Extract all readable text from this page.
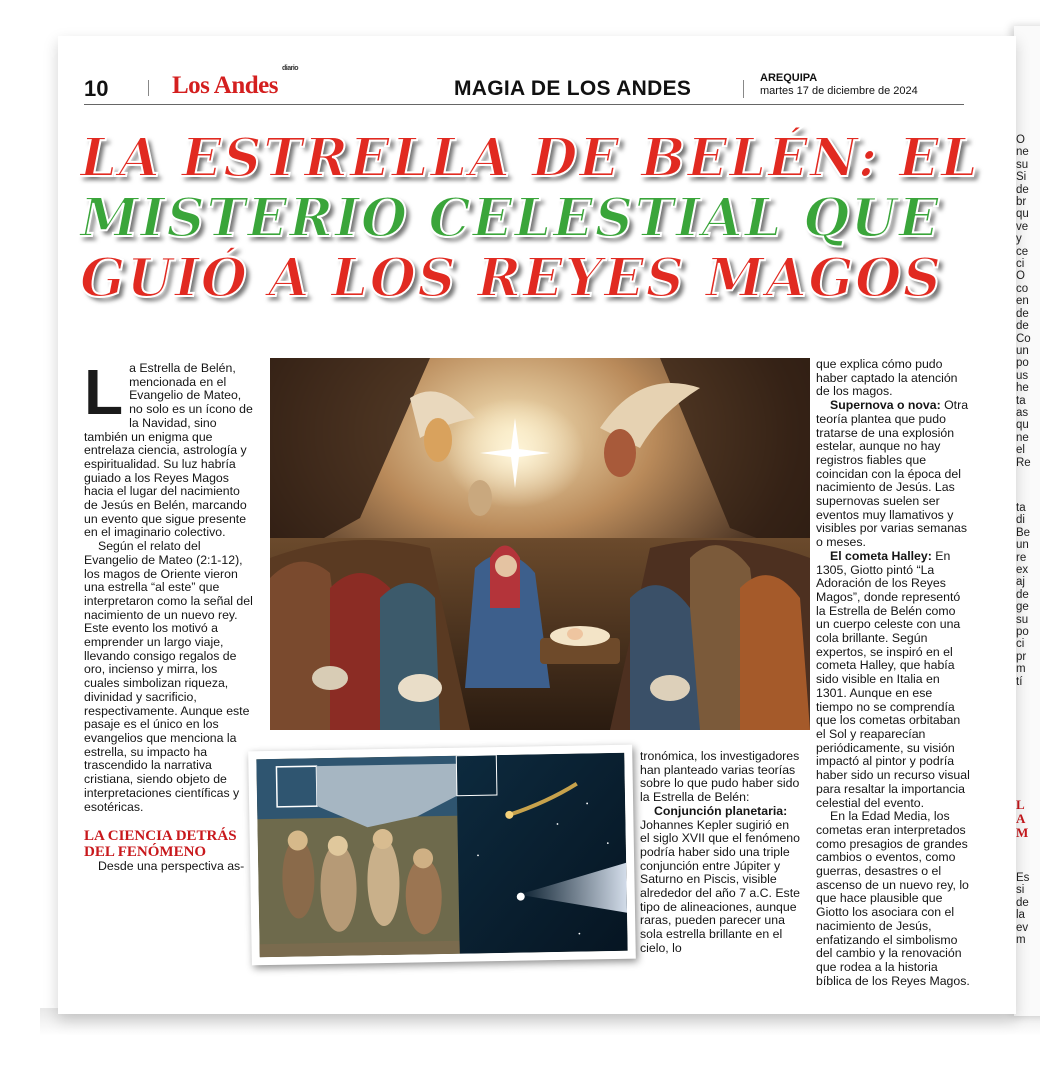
O
ne
su
Si
de
br
qu
ve
y
ce
ci
O
co
en
de
de
Co
un
po
us
he
ta
as
qu
ne
el
Re
ta
di
Be
un
re
ex
aj
de
ge
su
po
ci
pr
m
tí
L
A
M
Es
si
de
la
ev
m
10
diario
Los Andes	MAGIA DE LOS ANDES	AREQUIPA
martes 17 de diciembre de 2024
LA ESTRELLA DE BELÉN: EL
MISTERIO CELESTIAL QUE
GUIÓ A LOS REYES MAGOS

L a Estrella de Belén, mencionada en el Evangelio de Mateo, no solo es un ícono de la Navidad, sino también un enigma que entrelaza ciencia, astrología y espiritualidad. Su luz habría guiado a los Reyes Magos hacia el lugar del nacimiento de Jesús en Belén, marcando un evento que sigue presente en el imaginario colectivo.

Según el relato del Evangelio de Mateo (2:1-12), los magos de Oriente vieron una estrella “al este” que interpretaron como la señal del nacimiento de un nuevo rey. Este evento los motivó a emprender un largo viaje, llevando consigo regalos de oro, incienso y mirra, los cuales simbolizan riqueza, divinidad y sacrificio, respectivamente. Aunque este pasaje es el único en los evangelios que menciona la estrella, su impacto ha trascendido la narrativa cristiana, siendo objeto de interpretaciones científicas y esotéricas.

LA CIENCIA DETRÁS DEL FENÓMENO

Desde una perspectiva as-

tronómica, los investigadores han planteado varias teorías sobre lo que pudo haber sido la Estrella de Belén:

Conjunción planetaria: Johannes Kepler sugirió en el siglo XVII que el fenómeno podría haber sido una triple conjunción entre Júpiter y Saturno en Piscis, visible alrededor del año 7 a.C. Este tipo de alineaciones, aunque raras, pueden parecer una sola estrella brillante en el cielo, lo

que explica cómo pudo haber captado la atención de los magos.

Supernova o nova: Otra teoría plantea que pudo tratarse de una explosión estelar, aunque no hay registros fiables que coincidan con la época del nacimiento de Jesús. Las supernovas suelen ser eventos muy llamativos y visibles por varias semanas o meses.

El cometa Halley: En 1305, Giotto pintó “La Adoración de los Reyes Magos”, donde representó la Estrella de Belén como un cuerpo celeste con una cola brillante. Según expertos, se inspiró en el cometa Halley, que había sido visible en Italia en 1301. Aunque en ese tiempo no se comprendía que los cometas orbitaban el Sol y reaparecían periódicamente, su visión impactó al pintor y podría haber sido un recurso visual para resaltar la importancia celestial del evento.

En la Edad Media, los cometas eran interpretados como presagios de grandes cambios o eventos, como guerras, desastres o el ascenso de un nuevo rey, lo que hace plausible que Giotto los asociara con el nacimiento de Jesús, enfatizando el simbolismo del cambio y la renovación que rodea a la historia bíblica de los Reyes Magos.
